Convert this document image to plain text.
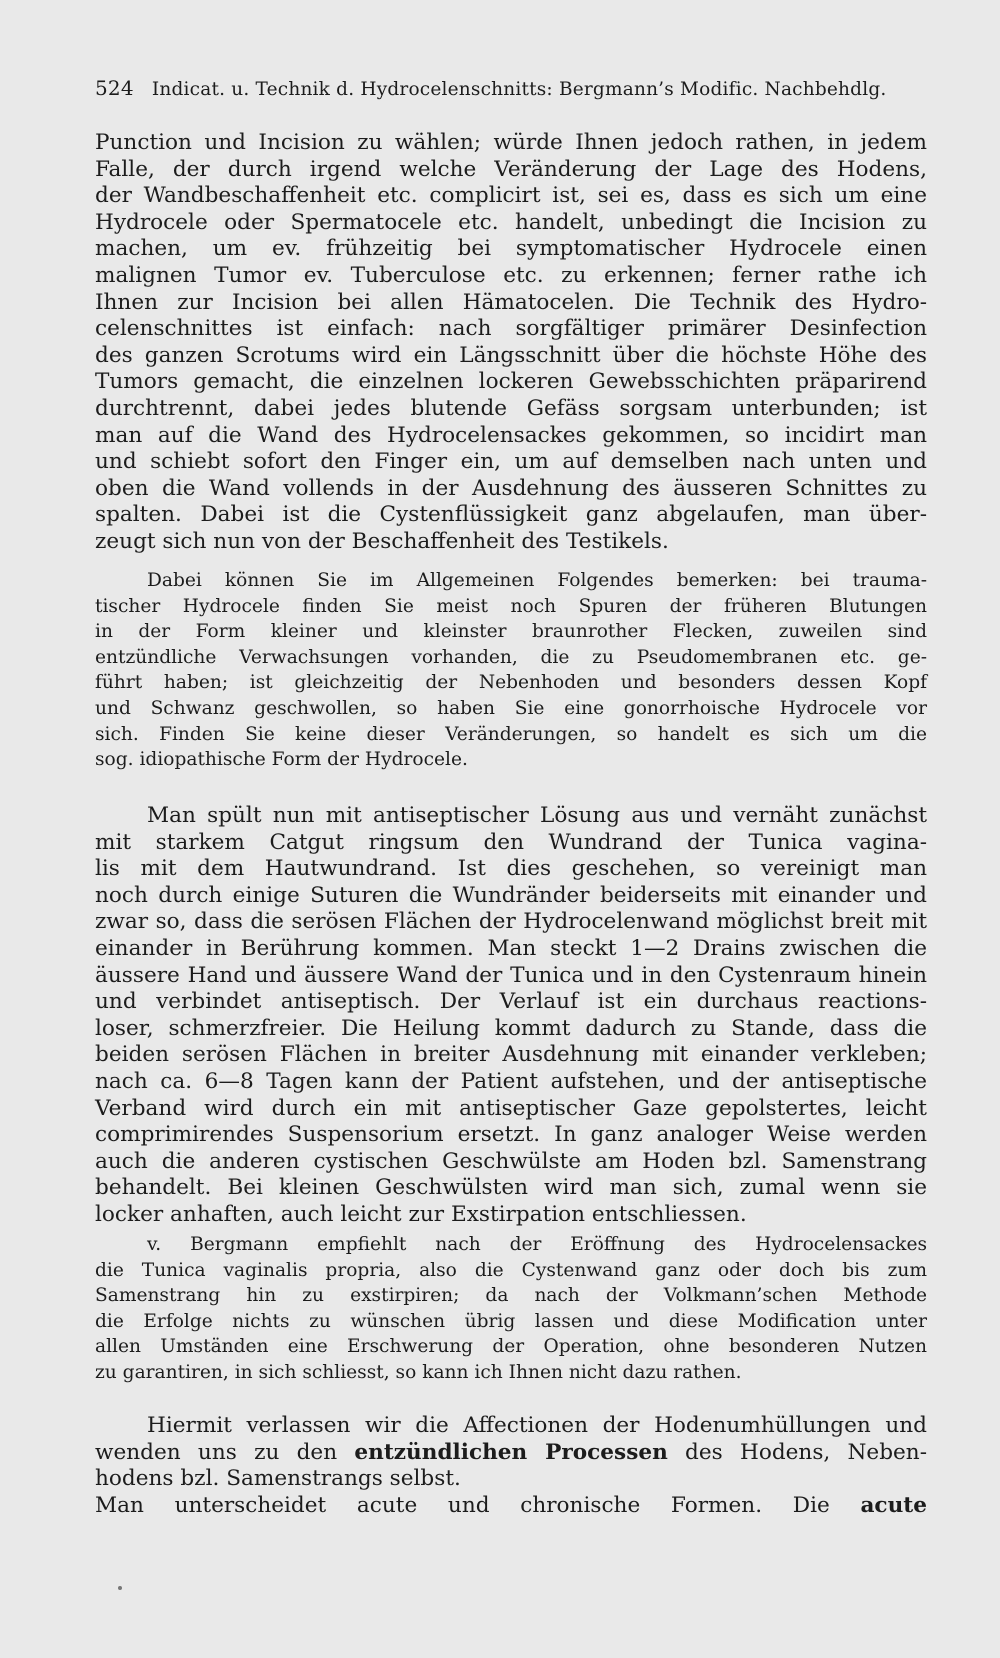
524 Indicat. u. Technik d. Hydrocelenschnitts: Bergmann’s Modific. Nachbehdlg.
Punction und Incision zu wählen; würde Ihnen jedoch rathen, in jedem
Falle, der durch irgend welche Veränderung der Lage des Hodens,
der Wandbeschaffenheit etc. complicirt ist, sei es, dass es sich um eine
Hydrocele oder Spermatocele etc. handelt, unbedingt die Incision zu
machen, um ev. frühzeitig bei symptomatischer Hydrocele einen
malignen Tumor ev. Tuberculose etc. zu erkennen; ferner rathe ich
Ihnen zur Incision bei allen Hämatocelen. Die Technik des Hydro-
celenschnittes ist einfach: nach sorgfältiger primärer Desinfection
des ganzen Scrotums wird ein Längsschnitt über die höchste Höhe des
Tumors gemacht, die einzelnen lockeren Gewebsschichten präparirend
durchtrennt, dabei jedes blutende Gefäss sorgsam unterbunden; ist
man auf die Wand des Hydrocelensackes gekommen, so incidirt man
und schiebt sofort den Finger ein, um auf demselben nach unten und
oben die Wand vollends in der Ausdehnung des äusseren Schnittes zu
spalten. Dabei ist die Cystenflüssigkeit ganz abgelaufen, man über-
zeugt sich nun von der Beschaffenheit des Testikels.
Dabei können Sie im Allgemeinen Folgendes bemerken: bei trauma-
tischer Hydrocele finden Sie meist noch Spuren der früheren Blutungen
in der Form kleiner und kleinster braunrother Flecken, zuweilen sind
entzündliche Verwachsungen vorhanden, die zu Pseudomembranen etc. ge-
führt haben; ist gleichzeitig der Nebenhoden und besonders dessen Kopf
und Schwanz geschwollen, so haben Sie eine gonorrhoische Hydrocele vor
sich. Finden Sie keine dieser Veränderungen, so handelt es sich um die
sog. idiopathische Form der Hydrocele.
Man spült nun mit antiseptischer Lösung aus und vernäht zunächst
mit starkem Catgut ringsum den Wundrand der Tunica vagina-
lis mit dem Hautwundrand. Ist dies geschehen, so vereinigt man
noch durch einige Suturen die Wundränder beiderseits mit einander und
zwar so, dass die serösen Flächen der Hydrocelenwand möglichst breit mit
einander in Berührung kommen. Man steckt 1—2 Drains zwischen die
äussere Hand und äussere Wand der Tunica und in den Cystenraum hinein
und verbindet antiseptisch. Der Verlauf ist ein durchaus reactions-
loser, schmerzfreier. Die Heilung kommt dadurch zu Stande, dass die
beiden serösen Flächen in breiter Ausdehnung mit einander verkleben;
nach ca. 6—8 Tagen kann der Patient aufstehen, und der antiseptische
Verband wird durch ein mit antiseptischer Gaze gepolstertes, leicht
comprimirendes Suspensorium ersetzt. In ganz analoger Weise werden
auch die anderen cystischen Geschwülste am Hoden bzl. Samenstrang
behandelt. Bei kleinen Geschwülsten wird man sich, zumal wenn sie
locker anhaften, auch leicht zur Exstirpation entschliessen.
v. Bergmann empfiehlt nach der Eröffnung des Hydrocelensackes
die Tunica vaginalis propria, also die Cystenwand ganz oder doch bis zum
Samenstrang hin zu exstirpiren; da nach der Volkmann’schen Methode
die Erfolge nichts zu wünschen übrig lassen und diese Modification unter
allen Umständen eine Erschwerung der Operation, ohne besonderen Nutzen
zu garantiren, in sich schliesst, so kann ich Ihnen nicht dazu rathen.
Hiermit verlassen wir die Affectionen der Hodenumhüllungen und
wenden uns zu den entzündlichen Processen des Hodens, Neben-
hodens bzl. Samenstrangs selbst.
Man unterscheidet acute und chronische Formen. Die acute
